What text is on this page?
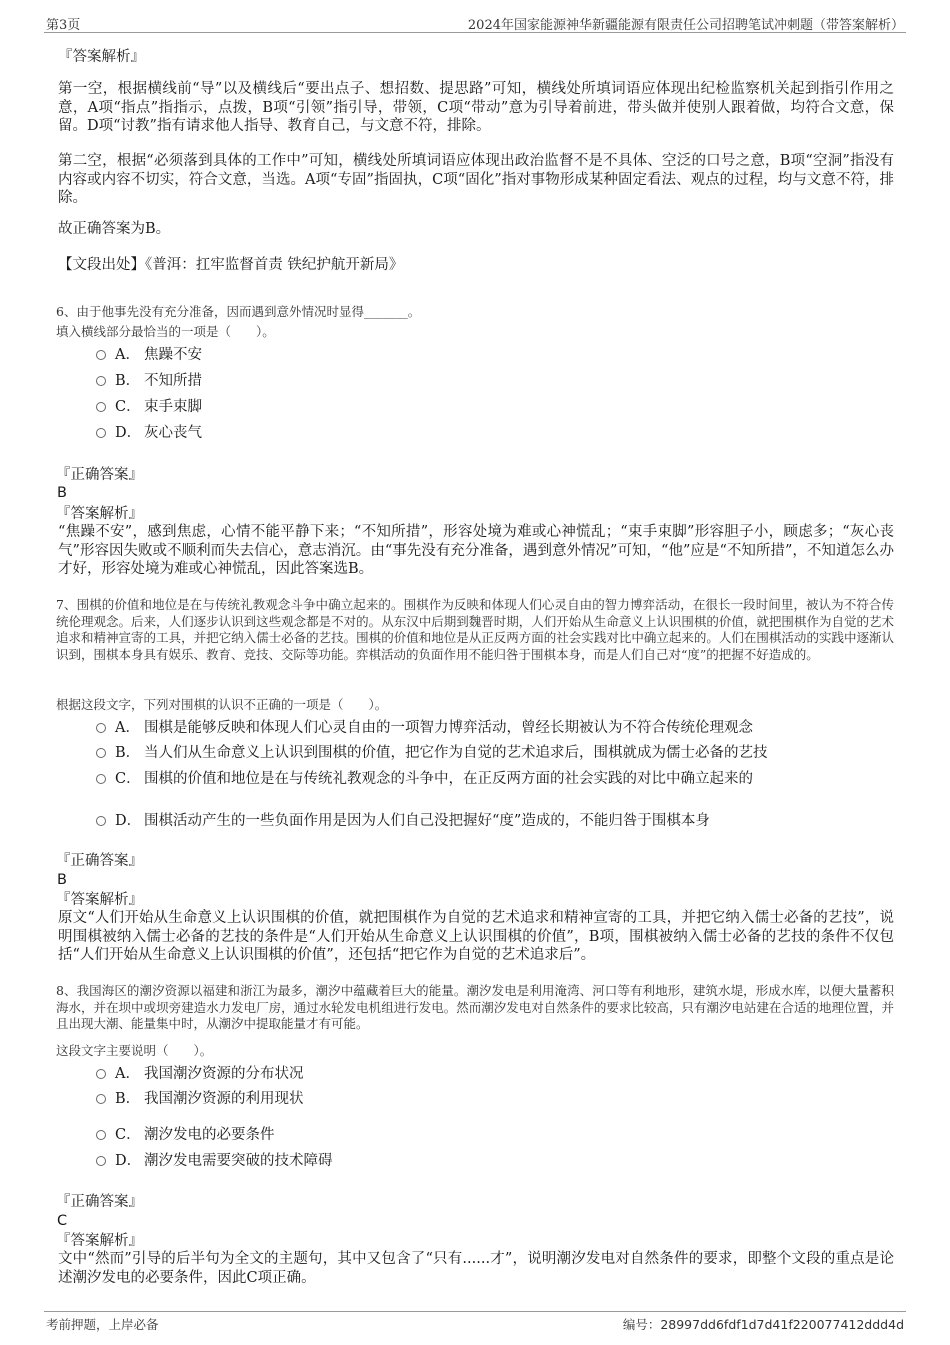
第3页	2024年国家能源神华新疆能源有限责任公司招聘笔试冲刺题（带答案解析）
『答案解析』

第一空，根据横线前“导”以及横线后“要出点子、想招数、提思路”可知，横线处所填词语应体现出纪检监察机关起到指引作用之意，A项“指点”指指示，点拨，B项“引领”指引导，带领，C项“带动”意为引导着前进，带头做并使别人跟着做，均符合文意，保留。D项“讨教”指有请求他人指导、教育自己，与文意不符，排除。

第二空，根据“必须落到具体的工作中”可知，横线处所填词语应体现出政治监督不是不具体、空泛的口号之意，B项“空洞”指没有内容或内容不切实，符合文意，当选。A项“专固”指固执，C项“固化”指对事物形成某种固定看法、观点的过程，均与文意不符，排除。

故正确答案为B。
【文段出处】《普洱：扛牢监督首责 铁纪护航开新局》
6、由于他事先没有充分准备，因而遇到意外情况时显得_______。
填入横线部分最恰当的一项是（　　）。
A． 焦躁不安
B． 不知所措
C． 束手束脚
D． 灰心丧气
『正确答案』
B
『答案解析』

“焦躁不安”，感到焦虑，心情不能平静下来；“不知所措”，形容处境为难或心神慌乱；“束手束脚”形容胆子小，顾虑多；“灰心丧气”形容因失败或不顺利而失去信心，意志消沉。由“事先没有充分准备，遇到意外情况”可知，“他”应是“不知所措”，不知道怎么办才好，形容处境为难或心神慌乱，因此答案选B。

7、围棋的价值和地位是在与传统礼教观念斗争中确立起来的。围棋作为反映和体现人们心灵自由的智力博弈活动，在很长一段时间里，被认为不符合传统伦理观念。后来，人们逐步认识到这些观念都是不对的。从东汉中后期到魏晋时期，人们开始从生命意义上认识围棋的价值，就把围棋作为自觉的艺术追求和精神宣寄的工具，并把它纳入儒士必备的艺技。围棋的价值和地位是从正反两方面的社会实践对比中确立起来的。人们在围棋活动的实践中逐渐认识到，围棋本身具有娱乐、教育、竞技、交际等功能。弈棋活动的负面作用不能归咎于围棋本身，而是人们自己对“度”的把握不好造成的。

根据这段文字，下列对围棋的认识不正确的一项是（　　）。
A． 围棋是能够反映和体现人们心灵自由的一项智力博弈活动，曾经长期被认为不符合传统伦理观念
B． 当人们从生命意义上认识到围棋的价值，把它作为自觉的艺术追求后，围棋就成为儒士必备的艺技
C． 围棋的价值和地位是在与传统礼教观念的斗争中，在正反两方面的社会实践的对比中确立起来的
D． 围棋活动产生的一些负面作用是因为人们自己没把握好“度”造成的，不能归咎于围棋本身
『正确答案』
B
『答案解析』

原文“人们开始从生命意义上认识围棋的价值，就把围棋作为自觉的艺术追求和精神宣寄的工具，并把它纳入儒士必备的艺技”，说明围棋被纳入儒士必备的艺技的条件是“人们开始从生命意义上认识围棋的价值”，B项，围棋被纳入儒士必备的艺技的条件不仅包括“人们开始从生命意义上认识围棋的价值”，还包括“把它作为自觉的艺术追求后”。

8、我国海区的潮汐资源以福建和浙江为最多，潮汐中蕴藏着巨大的能量。潮汐发电是利用淹湾、河口等有利地形，建筑水堤，形成水库，以便大量蓄积海水，并在坝中或坝旁建造水力发电厂房，通过水轮发电机组进行发电。然而潮汐发电对自然条件的要求比较高，只有潮汐电站建在合适的地理位置，并且出现大潮、能量集中时，从潮汐中提取能量才有可能。

这段文字主要说明（　　）。
A． 我国潮汐资源的分布状况
B． 我国潮汐资源的利用现状
C． 潮汐发电的必要条件
D． 潮汐发电需要突破的技术障碍
『正确答案』
C
『答案解析』

文中“然而”引导的后半句为全文的主题句，其中又包含了“只有......才”，说明潮汐发电对自然条件的要求，即整个文段的重点是论述潮汐发电的必要条件，因此C项正确。

考前押题，上岸必备	编号：28997dd6fdf1d7d41f220077412ddd4d
